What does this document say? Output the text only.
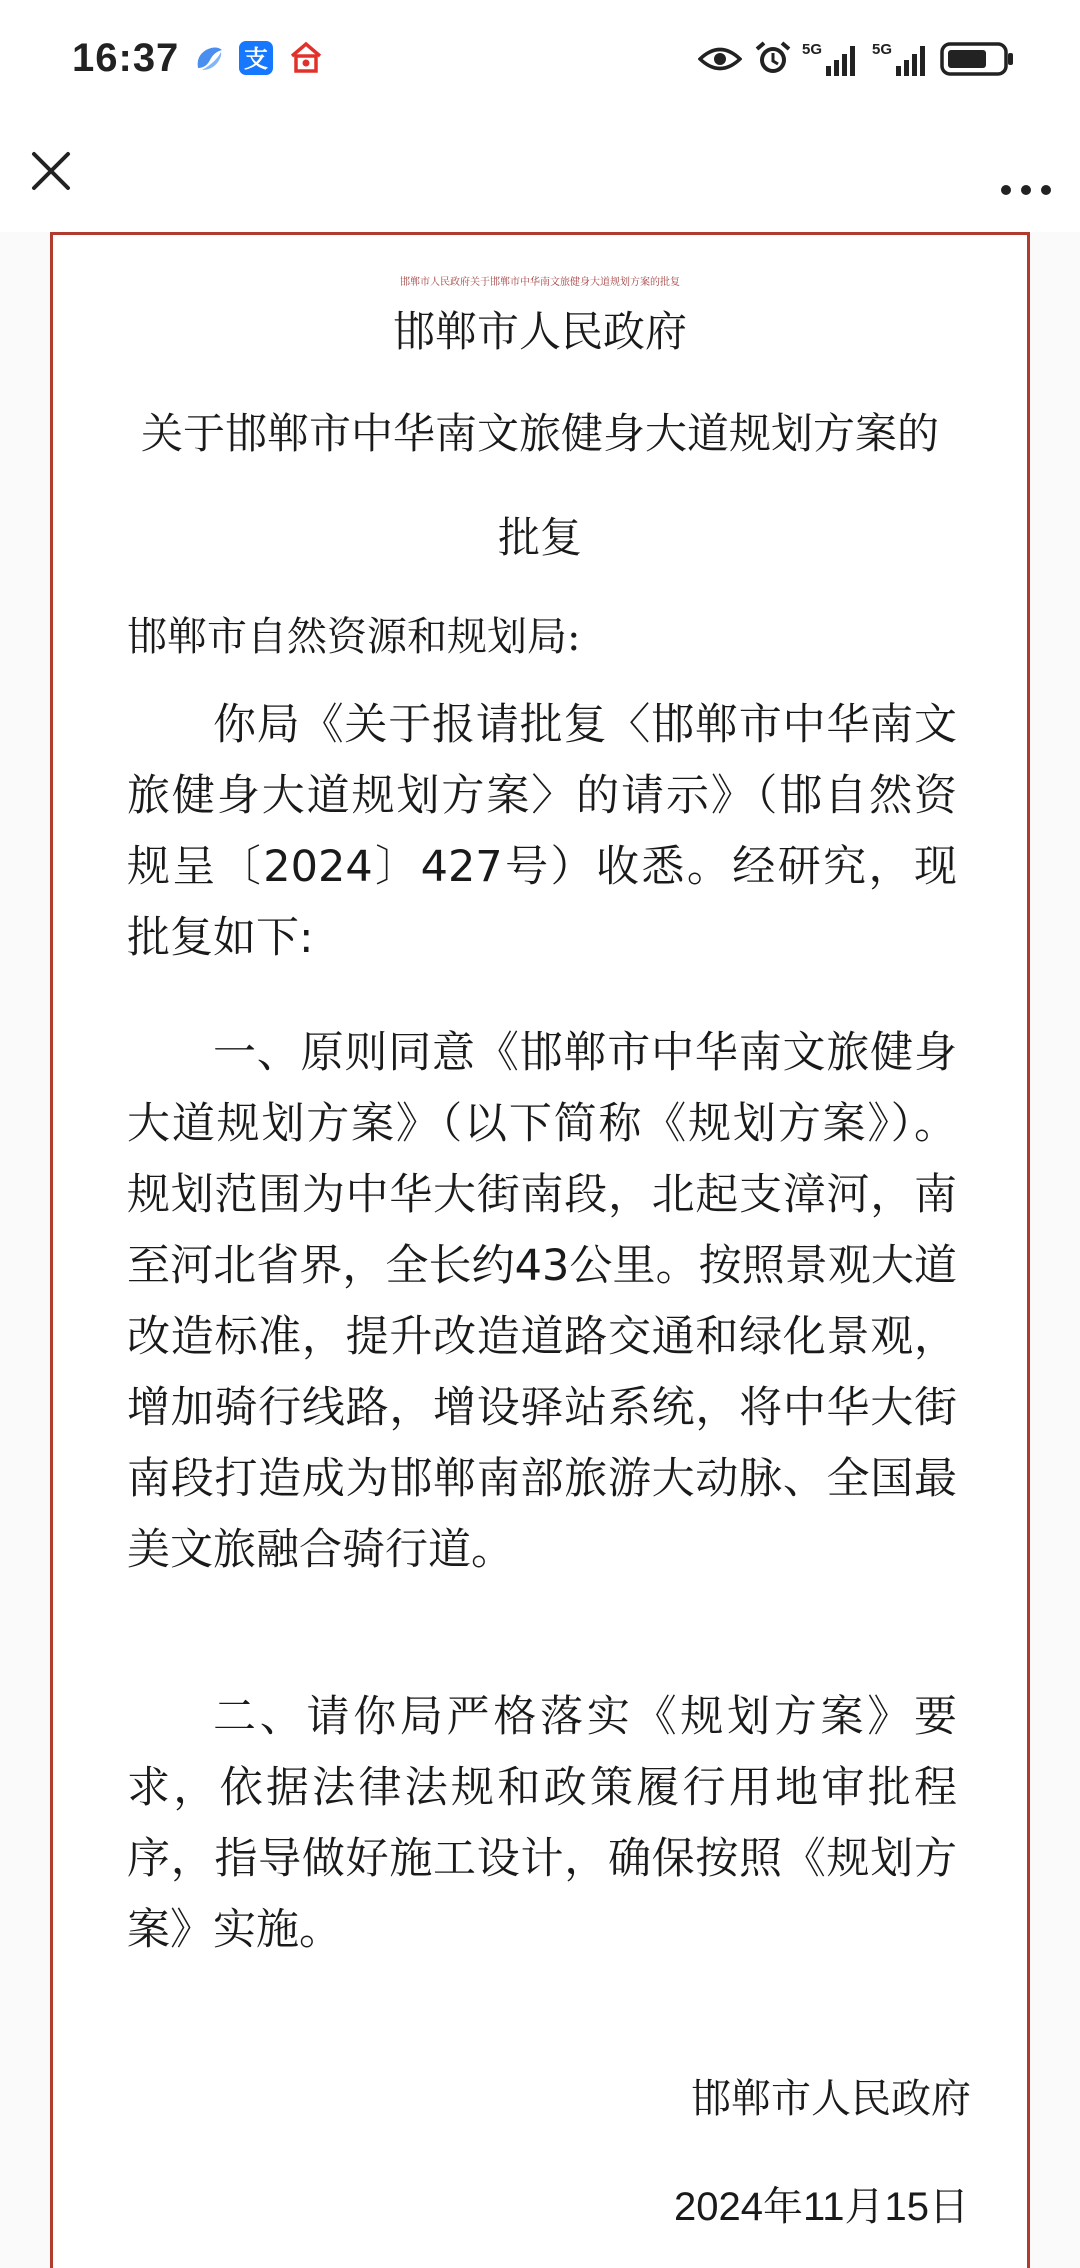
16:37	支	5G	5G
邯郸市人民政府关于邯郸市中华南文旅健身大道规划方案的批复
邯郸市人民政府
关于邯郸市中华南文旅健身大道规划方案的
批复
邯郸市自然资源和规划局:
你局《关于报请批复〈邯郸市中华南文旅健身大道规划方案〉的请示》（邯自然资规呈〔2024〕427号）收悉。经研究，现批复如下:
一、原则同意《邯郸市中华南文旅健身大道规划方案》（以下简称《规划方案》）。规划范围为中华大街南段，北起支漳河，南至河北省界，全长约43公里。按照景观大道改造标准，提升改造道路交通和绿化景观，增加骑行线路，增设驿站系统，将中华大街南段打造成为邯郸南部旅游大动脉、全国最美文旅融合骑行道。
二、请你局严格落实《规划方案》要求，依据法律法规和政策履行用地审批程序，指导做好施工设计，确保按照《规划方案》实施。
邯郸市人民政府
2024年11月15日
